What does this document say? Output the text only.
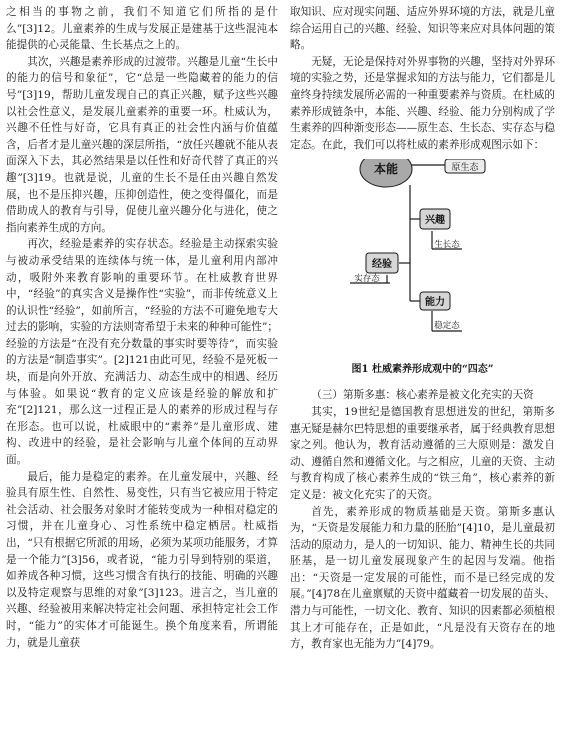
之相当的事物之前，我们不知道它们所指的是什么”[3]12。儿童素养的生成与发展正是建基于这些混沌本能提供的心灵能量、生长基点之上的。

其次，兴趣是素养形成的过渡带。兴趣是儿童“生长中的能力的信号和象征”，它“总是一些隐藏着的能力的信号”[3]19，帮助儿童发现自己的真正兴趣，赋予这些兴趣以社会性意义，是发展儿童素养的重要一环。杜威认为，兴趣不任性与好奇，它具有真正的社会性内涵与价值蕴含，后者才是儿童兴趣的深层所指，“放任兴趣就不能从表面深入下去，其必然结果是以任性和好奇代替了真正的兴趣”[3]19。也就是说，儿童的生长不是任由兴趣自然发展，也不是压抑兴趣，压抑创造性，使之变得僵化，而是借助成人的教育与引导，促使儿童兴趣分化与进化，使之指向素养生成的方向。

再次，经验是素养的实存状态。经验是主动探索实验与被动承受结果的连续体与统一体，是儿童利用内部冲动，吸附外来教育影响的重要环节。在杜威教育世界中，“经验”的真实含义是操作性“实验”，而非传统意义上的认识性“经验”，如前所言，“经验的方法不可避免地专大过去的影响，实验的方法则寄希望于未来的种种可能性”；经验的方法是“在没有充分数量的事实时要等待”，而实验的方法是“制造事实”。[2]121由此可见，经验不是死板一块，而是向外开放、充满活力、动态生成中的相遇、经历与体验。如果说“教育的定义应该是经验的解放和扩充”[2]121，那么这一过程正是人的素养的形成过程与存在形态。也可以说，杜威眼中的“素养”是儿童形成、建构、改进中的经验，是社会影响与儿童个体间的互动界面。

最后，能力是稳定的素养。在儿童发展中，兴趣、经验具有原生性、自然性、易变性，只有当它被应用于特定社会活动、社会服务对象时才能转变成为一种相对稳定的习惯，并在儿童身心、习性系统中稳定栖居。杜威指出，“只有根据它所派的用场，必须为某项功能服务，才算是一个能力”[3]56，或者说，“能力引导到特别的渠道，如养成各种习惯，这些习惯含有执行的技能、明确的兴趣以及特定观察与思维的对象”[3]123。进言之，当儿童的兴趣、经验被用来解决特定社会问题、承担特定社会工作时，“能力”的实体才可能诞生。换个角度来看，所谓能力，就是儿童获

取知识、应对现实问题、适应外界环境的方法，就是儿童综合运用自己的兴趣、经验、知识等来应对具体问题的策略。

无疑，无论是保持对外界事物的兴趣，坚持对外界环境的实验之势，还是掌握求知的方法与能力，它们都是儿童终身持续发展所必需的一种重要素养与资质。在杜威的素养形成链条中，本能、兴趣、经验、能力分别构成了学生素养的四种渐变形态——原生态、生长态、实存态与稳定态。在此，我们可以将杜威的素养形成观图示如下：

本能	原生态
兴趣
生长态
经验
实存态
能力
稳定态
图1 杜威素养形成观中的“四态”

（三）第斯多惠：核心素养是被文化充实的天资

其实，19世纪是德国教育思想迸发的世纪，第斯多惠无疑是赫尔巴特思想的重要继承者，属于经典教育思想家之列。他认为，教育活动遵循的三大原则是：激发自动、遵循自然和遵循文化。与之相应，儿童的天资、主动与教育构成了核心素养生成的“铁三角”，核心素养的新定义是：被文化充实了的天资。

首先，素养形成的物质基础是天资。第斯多惠认为，“天资是发展能力和力量的胚胎”[4]10，是儿童最初活动的原动力，是人的一切知识、能力、精神生长的共同胚基，是一切儿童发展现象产生的起因与发端。他指出：“天资是一定发展的可能性，而不是已经完成的发展。”[4]78在儿童禀赋的天资中蕴藏着一切发展的苗头、潜力与可能性，一切文化、教育、知识的因素都必须植根其上才可能存在，正是如此，“凡是没有天资存在的地方，教育家也无能为力”[4]79。
